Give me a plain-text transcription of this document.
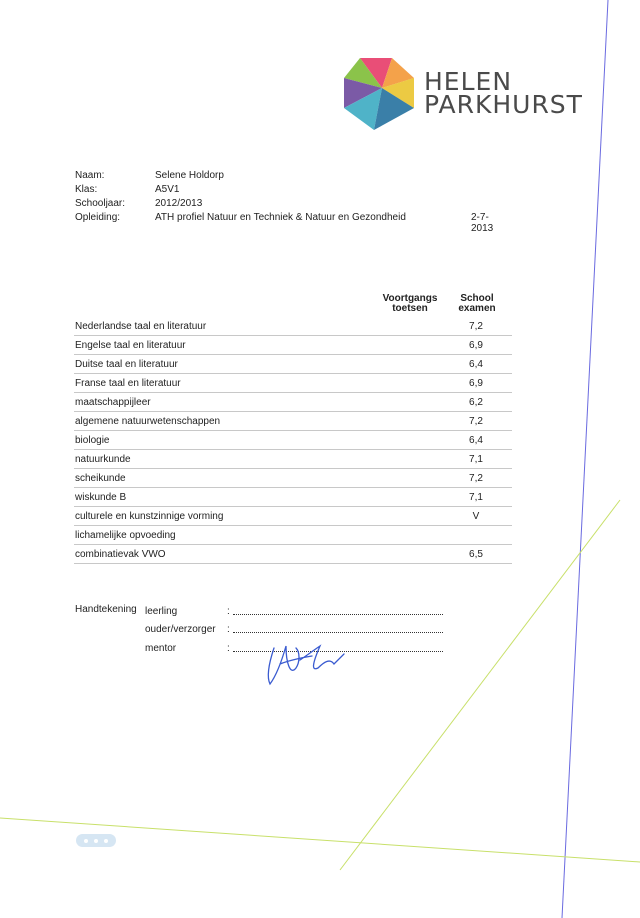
HELEN
PARKHURST
Naam:	Selene Holdorp
Klas:	A5V1
Schooljaar:	2012/2013
Opleiding:	ATH profiel Natuur en Techniek & Natuur en Gezondheid	2-7-2013
Voortgangs
toetsen
School
examen
Nederlandse taal en literatuur	7,2
Engelse taal en literatuur	6,9
Duitse taal en literatuur	6,4
Franse taal en literatuur	6,9
maatschappijleer	6,2
algemene natuurwetenschappen	7,2
biologie	6,4
natuurkunde	7,1
scheikunde	7,2
wiskunde B	7,1
culturele en kunstzinnige vorming	V
lichamelijke opvoeding
combinatievak VWO	6,5
Handtekening leerling	:
ouder/verzorger	:
mentor	:
